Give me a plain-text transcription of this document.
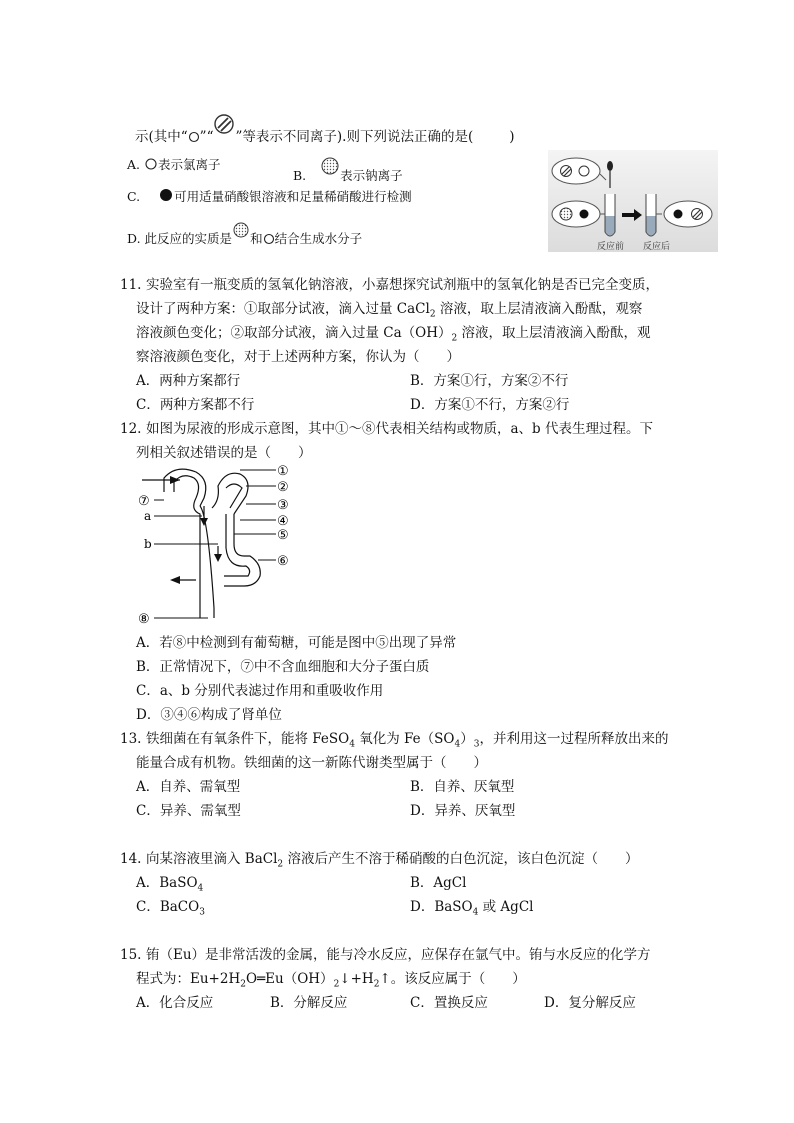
示(其中“ ”“ ”等表示不同离子).则下列说法正确的是(	)
A. 表示氯离子
B.	表示钠离子
C.	可用适量硝酸银溶液和足量稀硝酸进行检测
D. 此反应的实质是 和 结合生成水分子
反应前 反应后
11. 实验室有一瓶变质的氢氧化钠溶液，小嘉想探究试剂瓶中的氢氧化钠是否已完全变质，
设计了两种方案：①取部分试液，滴入过量 CaCl$_2$ 溶液，取上层清液滴入酚酞，观察
溶液颜色变化；②取部分试液，滴入过量 $Ca(OH)_2$ 溶液，取上层清液滴入酚酞，观
察溶液颜色变化，对于上述两种方案，你认为（　　）
A．两种方案都行	B．方案①行，方案②不行
C．两种方案都不行	D．方案①不行，方案②行
12. 如图为尿液的形成示意图，其中①～⑧代表相关结构或物质，a、b 代表生理过程。下
列相关叙述错误的是（　　）
①
②
③
④
⑤
⑥
⑦
⑧
a
b
A．若⑧中检测到有葡萄糖，可能是图中⑤出现了异常
B．正常情况下，⑦中不含血细胞和大分子蛋白质
C．a、b 分别代表滤过作用和重吸收作用
D．③④⑥构成了肾单位
13. 铁细菌在有氧条件下，能将 FeSO$_4$ 氧化为 $Fe(SO_4)_3$，并利用这一过程所释放出来的
能量合成有机物。铁细菌的这一新陈代谢类型属于（　　）
A．自养、需氧型	B．自养、厌氧型
C．异养、需氧型	D．异养、厌氧型
14. 向某溶液里滴入 BaCl$_2$ 溶液后产生不溶于稀硝酸的白色沉淀，该白色沉淀（　　）
A．BaSO$_4$	B．AgCl
C．BaCO$_3$	D．BaSO$_4$ 或 AgCl
15. 铕（Eu）是非常活泼的金属，能与冷水反应，应保存在氩气中。铕与水反应的化学方
程式为：$Eu+2H_2O═Eu(OH)_2↓+H_2↑$。该反应属于（　　）
A．化合反应	B．分解反应	C．置换反应	D．复分解反应
